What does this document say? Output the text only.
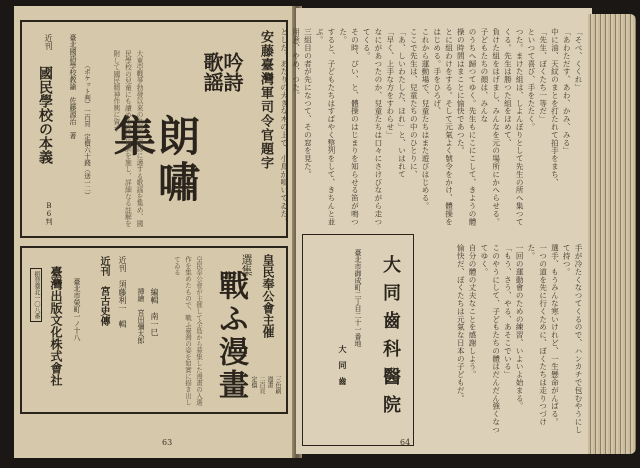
安藤臺灣軍司令官題字
吟詩
歌謡
朗嘯集
大東亞戰爭勃發以來の名詩、朗詠に適する歌謡を集め、國民學校の兒童にも讀める樣に傍訓を施し、詳細なる註解を附して國民精神作興に資す
（ポケット判）一百頁　定價六十錢（送一二）
臺北國語學校教諭　佐藤源治　著
近刊
國民學校の本義
B6判
皇民奉公會主催
選集
戰ふ漫畫	三色刷
漫畫
二百頁
定價
皇民奉公會が主催して全島から募集した漫畫の入選作を集めたもので、戰ふ臺灣の姿を如實に描き出してゐる
編輯　南一巳
挿繪　宮田彌太郎
近刊　須藤利一　輯
近刊　宮古史傳
臺北市榮町一ノ十八
臺灣出版文化株式會社
振替臺北一〇八番
63
「そべ、くくれ」
「あわただす、あわ、かみ、みる」
中に油、天紋のまとを打たれて拍手をまち、
「先生、ぼくたち一等だ」
といつて喜び、手をたたく。
つた。まけた組は、しよんぼりとして先生の所へ集つてくる。先生は勝つた組をほめて、
負けた組をはげまし、みんなを元の場所にかへらせる。子どもたちの顔は、みんな
のうちへ歸つてゆく。先生もにこにこして、きようの體操の時間はまことに愉快であつた。
とに組わけをする。そして元氣よく號令をかけ、體操をはじめる。手をひろげ、
これから運動場で、兒童たちはまた遊びはじめる。
ここで先生は、兒童たちの中のひとりに、
「あ、しいわたした、ほれ」と、いはれて
「早く、上手な方をすわらせ」
なにがあつたのか、兒童たちは口々にさけびながら走つてくる。
その時、ぴい、と、體操のはじまりを知らせる笛が鳴つた。
すると、子どもたちはすばやく整列をして、きちんと並ぶ。
三組目の者が先になつて、その窓を見た。
用意、やめ、つた。
とした。あたりの大きな木の上で、小鳥が鳴いてゐた。
手が冷たくなつてくるので、ハンカチで包むやうにして持つ。
選手、もうみんな寒いけれど、一生懸命がんばる。
一つの道を先に行くために、ぼくたちは走りつづけた。
一回の運動會のための練習、いよいよ始まる。
「もう、さう、やる、あそこでいる」
このやうにして、子どもたちの體はだんだん強くなつてゆく。
自分の體の丈夫なことを感謝しよう。
愉快だ、ぼくたちは元氣な日本の子どもだ。
大同齒科醫院
臺北市御成町二丁目二十一番地
大同齒
64
